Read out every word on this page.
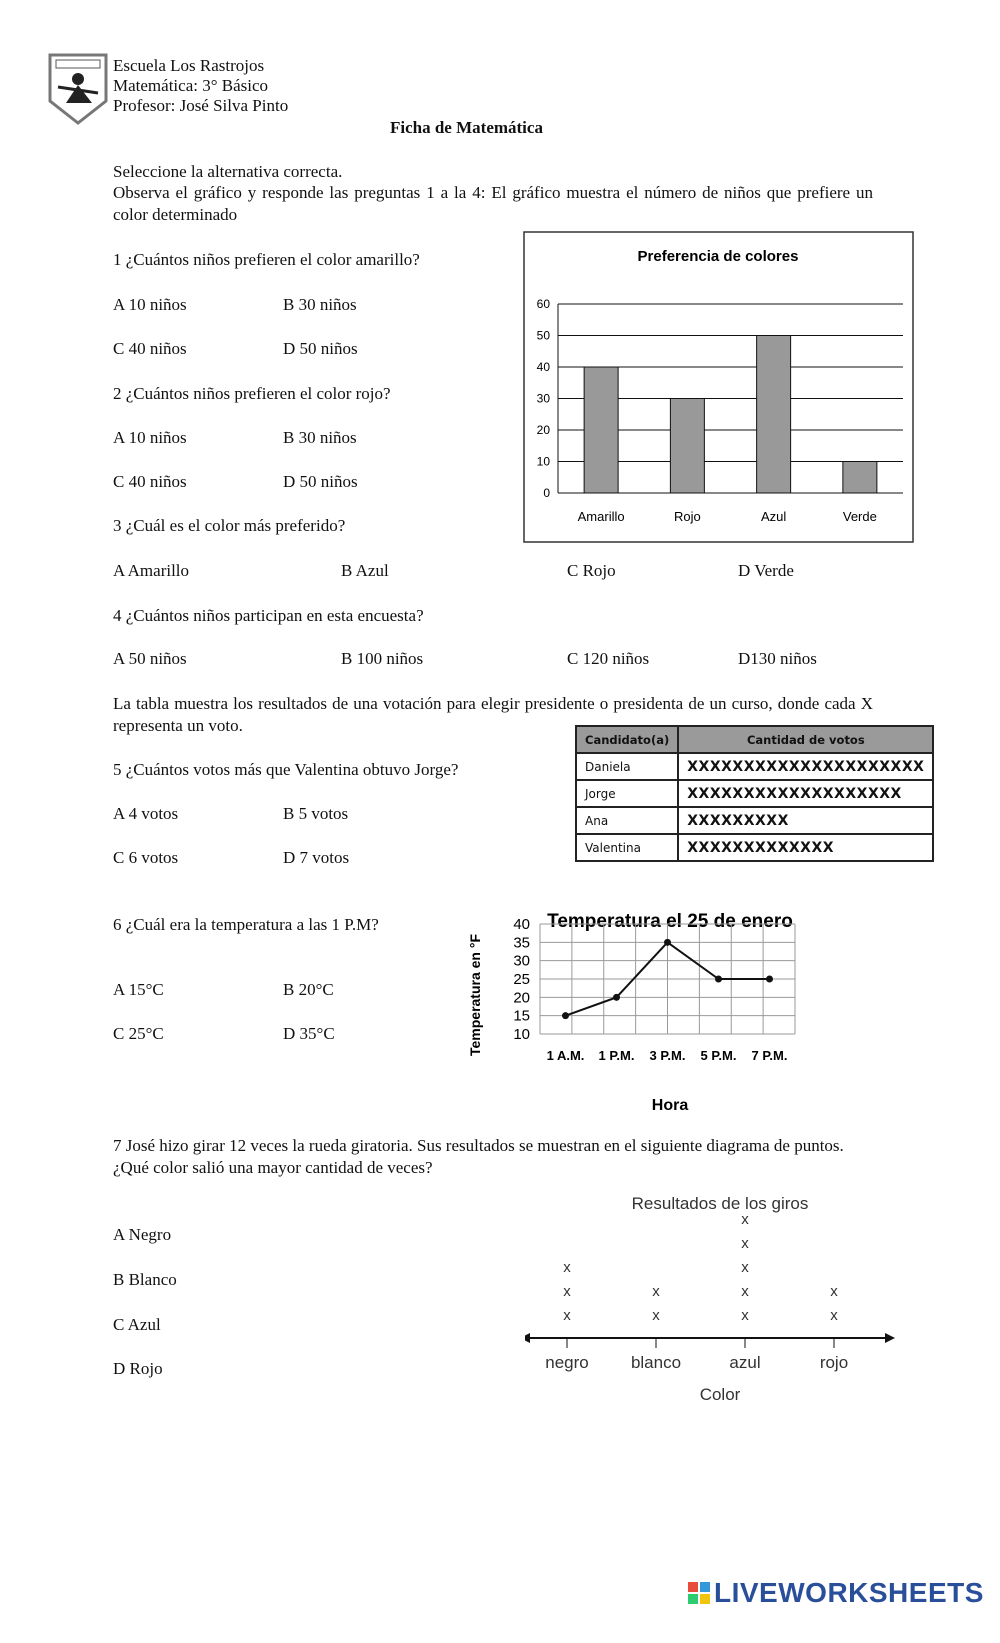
Escuela Los Rastrojos
Matemática: 3° Básico
Profesor: José Silva Pinto
Ficha de Matemática
Seleccione la alternativa correcta.
Observa el gráfico y responde las preguntas 1 a la 4: El gráfico muestra el número de niños que prefiere un color determinado
1 ¿Cuántos niños prefieren el color amarillo?
A 10 niños	B 30 niños
C 40 niños	D 50 niños
2 ¿Cuántos niños prefieren el color rojo?
A 10 niños	B 30 niños
C 40 niños	D 50 niños
3 ¿Cuál es el color más preferido?
A Amarillo	B Azul	C Rojo	D Verde
4 ¿Cuántos niños participan en esta encuesta?
A 50 niños	B 100 niños	C 120 niños	D130 niños
Preferencia de colores
0
10
20
30
40
50
60
Amarillo	Rojo	Azul	Verde
La tabla muestra los resultados de una votación para elegir presidente o presidenta de un curso, donde cada X representa un voto.
5 ¿Cuántos votos más que Valentina obtuvo Jorge?
A 4 votos	B 5 votos
C 6 votos	D 7 votos
Candidato(a)	Cantidad de votos
Daniela	XXXXXXXXXXXXXXXXXXXXX
Jorge	XXXXXXXXXXXXXXXXXXX
Ana	XXXXXXXXX
Valentina	XXXXXXXXXXXXX
6 ¿Cuál era la temperatura a las 1 P.M?
A 15°C	B 20°C
C 25°C	D 35°C
Temperatura el 25 de enero
Temperatura en °F
Hora
10
15
20
25
30
35
40
1 A.M. 1 P.M. 3 P.M. 5 P.M. 7 P.M.
7 José hizo girar 12 veces la rueda giratoria. Sus resultados se muestran en el siguiente diagrama de puntos. ¿Qué color salió una mayor cantidad de veces?
A Negro
B Blanco
C Azul
D Rojo
Resultados de los giros
Color
negro
x
x
x
blanco
x
x
azul
x
x
x
x
x
rojo
x
x
LIVEWORKSHEETS
